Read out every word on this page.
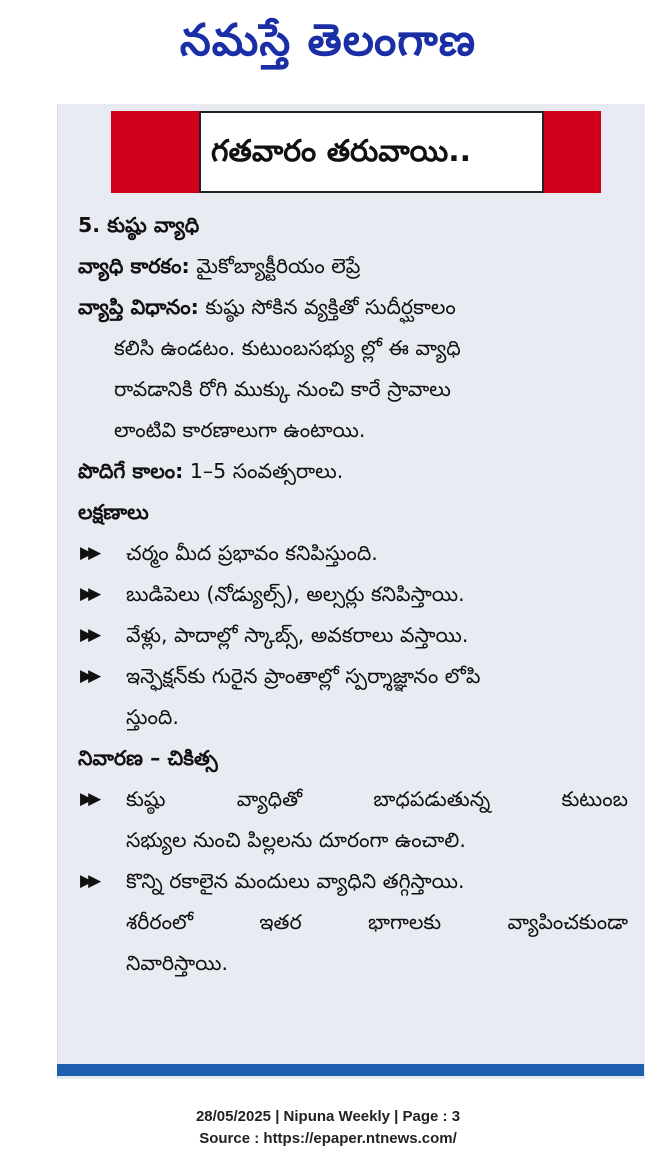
నమస్తే తెలంగాణ
గతవారం తరువాయి..
5. కుష్ఠు వ్యాధి
వ్యాధి కారకం: మైకోబ్యాక్టీరియం లెప్రే
వ్యాప్తి విధానం: కుష్ఠు సోకిన వ్యక్తితో సుదీర్ఘకాలం
కలిసి ఉండటం. కుటుంబసభ్యు ల్లో ఈ వ్యాధి
రావడానికి రోగి ముక్కు నుంచి కారే స్రావాలు
లాంటివి కారణాలుగా ఉంటాయి.
పొదిగే కాలం: 1–5 సంవత్సరాలు.
లక్షణాలు
▶▶ చర్మం మీద ప్రభావం కనిపిస్తుంది.
▶▶ బుడిపెలు (నోడ్యుల్స్), అల్సర్లు కనిపిస్తాయి.
▶▶ వేళ్లు, పాదాల్లో స్కాబ్స్, అవకరాలు వస్తాయి.
▶▶ ఇన్ఫెక్షన్‌కు గురైన ప్రాంతాల్లో స్పర్శాజ్ఞానం లోపి
స్తుంది.
నివారణ – చికిత్స
▶▶ కుష్ఠు వ్యాధితో బాధపడుతున్న కుటుంబ
సభ్యుల నుంచి పిల్లలను దూరంగా ఉంచాలి.
▶▶ కొన్ని రకాలైన మందులు వ్యాధిని తగ్గిస్తాయి.
శరీరంలో ఇతర భాగాలకు వ్యాపించకుండా
నివారిస్తాయి.
28/05/2025 | Nipuna Weekly | Page : 3
Source : https://epaper.ntnews.com/
